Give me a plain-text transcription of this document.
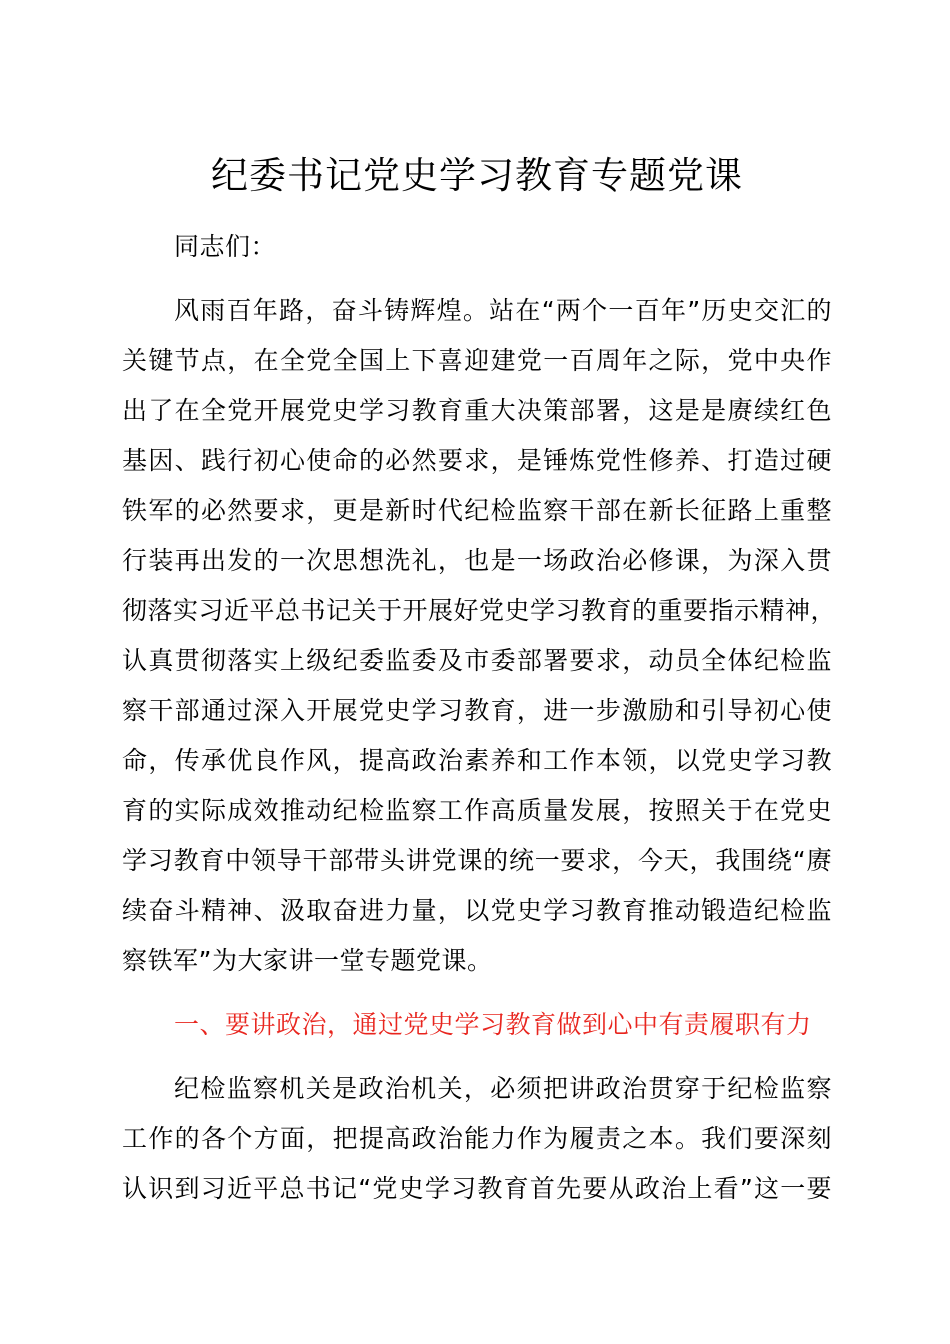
纪委书记党史学习教育专题党课
同志们：
风雨百年路，奋斗铸辉煌。站在“两个一百年”历史交汇的
关键节点，在全党全国上下喜迎建党一百周年之际，党中央作
出了在全党开展党史学习教育重大决策部署，这是是赓续红色
基因、践行初心使命的必然要求，是锤炼党性修养、打造过硬
铁军的必然要求，更是新时代纪检监察干部在新长征路上重整
行装再出发的一次思想洗礼，也是一场政治必修课，为深入贯
彻落实习近平总书记关于开展好党史学习教育的重要指示精神，
认真贯彻落实上级纪委监委及市委部署要求，动员全体纪检监
察干部通过深入开展党史学习教育，进一步激励和引导初心使
命，传承优良作风，提高政治素养和工作本领，以党史学习教
育的实际成效推动纪检监察工作高质量发展，按照关于在党史
学习教育中领导干部带头讲党课的统一要求，今天，我围绕“赓
续奋斗精神、汲取奋进力量，以党史学习教育推动锻造纪检监
察铁军”为大家讲一堂专题党课。
一、要讲政治，通过党史学习教育做到心中有责履职有力
纪检监察机关是政治机关，必须把讲政治贯穿于纪检监察
工作的各个方面，把提高政治能力作为履责之本。我们要深刻
认识到习近平总书记“党史学习教育首先要从政治上看”这一要
